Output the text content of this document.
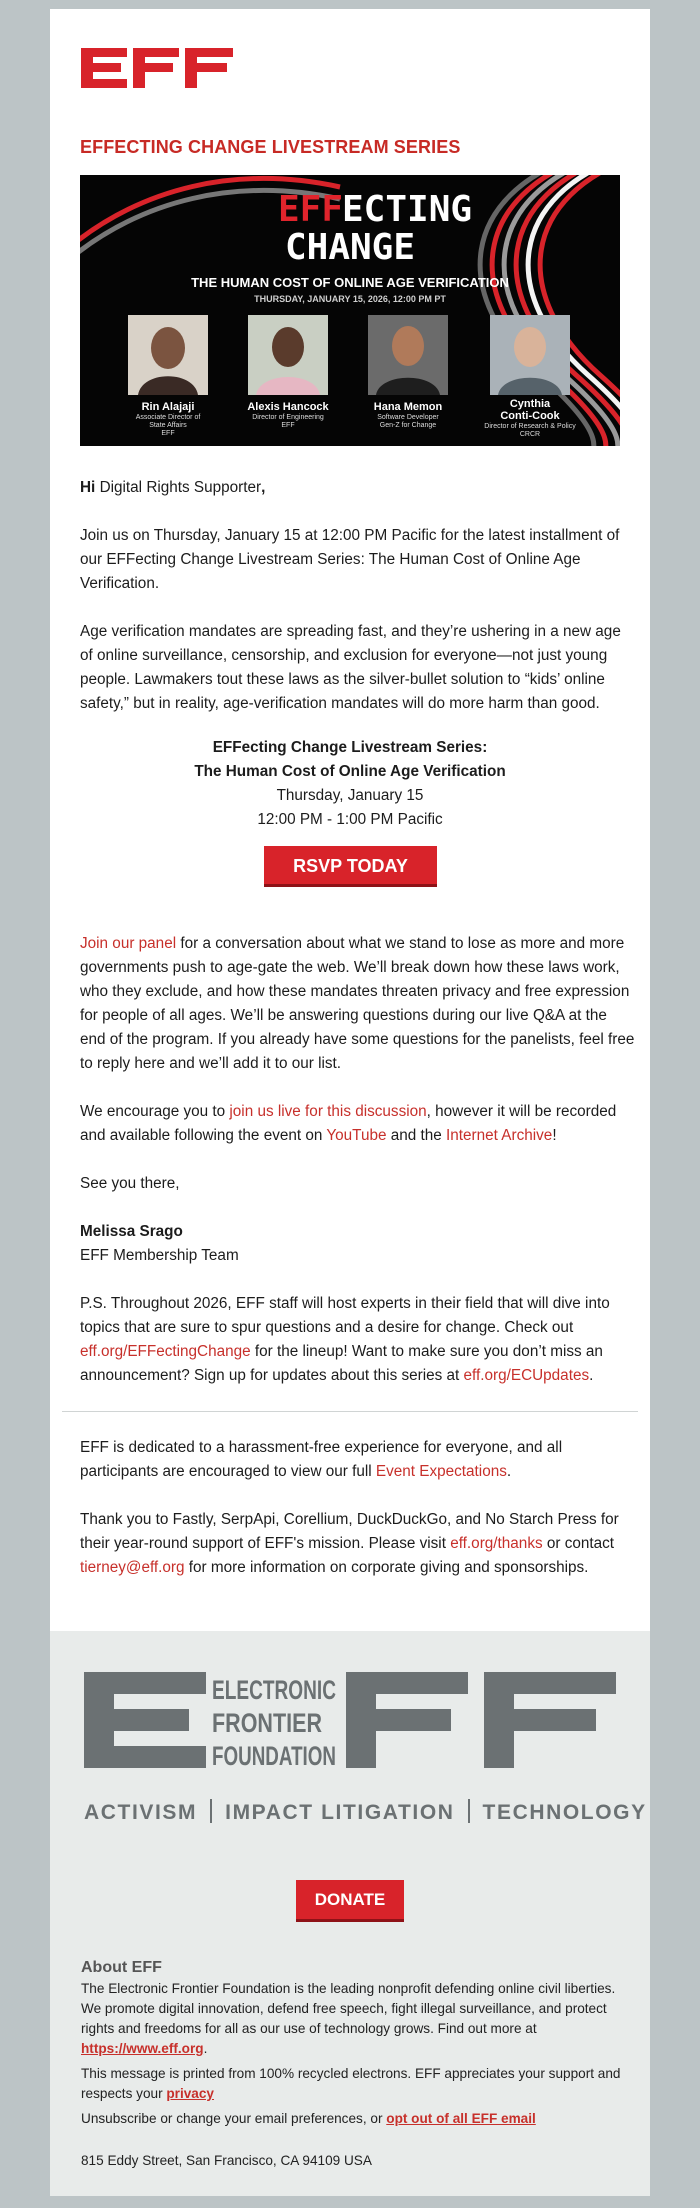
EFFECTING CHANGE LIVESTREAM SERIES
EFF
ECTING
CHANGE
THE HUMAN COST OF ONLINE AGE VERIFICATION
THURSDAY, JANUARY 15, 2026, 12:00 PM PT
Rin Alajaji
Associate Director of
State Affairs
EFF
Alexis Hancock
Director of Engineering
EFF
Hana Memon
Software Developer
Gen-Z for Change
Cynthia
Conti-Cook
Director of Research & Policy
CRCR
Hi Digital Rights Supporter,
Join us on Thursday, January 15 at 12:00 PM Pacific for the latest installment of our EFFecting Change Livestream Series: The Human Cost of Online Age Verification.
Age verification mandates are spreading fast, and they’re ushering in a new age of online surveillance, censorship, and exclusion for everyone—not just young people. Lawmakers tout these laws as the silver-bullet solution to “kids’ online safety,” but in reality, age-verification mandates will do more harm than good.
EFFecting Change Livestream Series:
The Human Cost of Online Age Verification
Thursday, January 15
12:00 PM - 1:00 PM Pacific
RSVP TODAY
Join our panel for a conversation about what we stand to lose as more and more governments push to age-gate the web. We’ll break down how these laws work, who they exclude, and how these mandates threaten privacy and free expression for people of all ages. We’ll be answering questions during our live Q&A at the end of the program. If you already have some questions for the panelists, feel free to reply here and we’ll add it to our list.
We encourage you to join us live for this discussion, however it will be recorded and available following the event on YouTube and the Internet Archive!
See you there,
Melissa Srago
EFF Membership Team
P.S. Throughout 2026, EFF staff will host experts in their field that will dive into topics that are sure to spur questions and a desire for change. Check out eff.org/EFFectingChange for the lineup! Want to make sure you don’t miss an announcement? Sign up for updates about this series at eff.org/ECUpdates.
EFF is dedicated to a harassment-free experience for everyone, and all participants are encouraged to view our full Event Expectations.
Thank you to Fastly, SerpApi, Corellium, DuckDuckGo, and No Starch Press for their year-round support of EFF's mission. Please visit eff.org/thanks or contact tierney@eff.org for more information on corporate giving and sponsorships.
ELECTRONIC
FRONTIER
FOUNDATION
ACTIVISM IMPACT LITIGATION TECHNOLOGY
DONATE
About EFF
The Electronic Frontier Foundation is the leading nonprofit defending online civil liberties. We promote digital innovation, defend free speech, fight illegal surveillance, and protect rights and freedoms for all as our use of technology grows. Find out more at https://www.eff.org.
This message is printed from 100% recycled electrons. EFF appreciates your support and respects your privacy
Unsubscribe or change your email preferences, or opt out of all EFF email
815 Eddy Street, San Francisco, CA 94109 USA
